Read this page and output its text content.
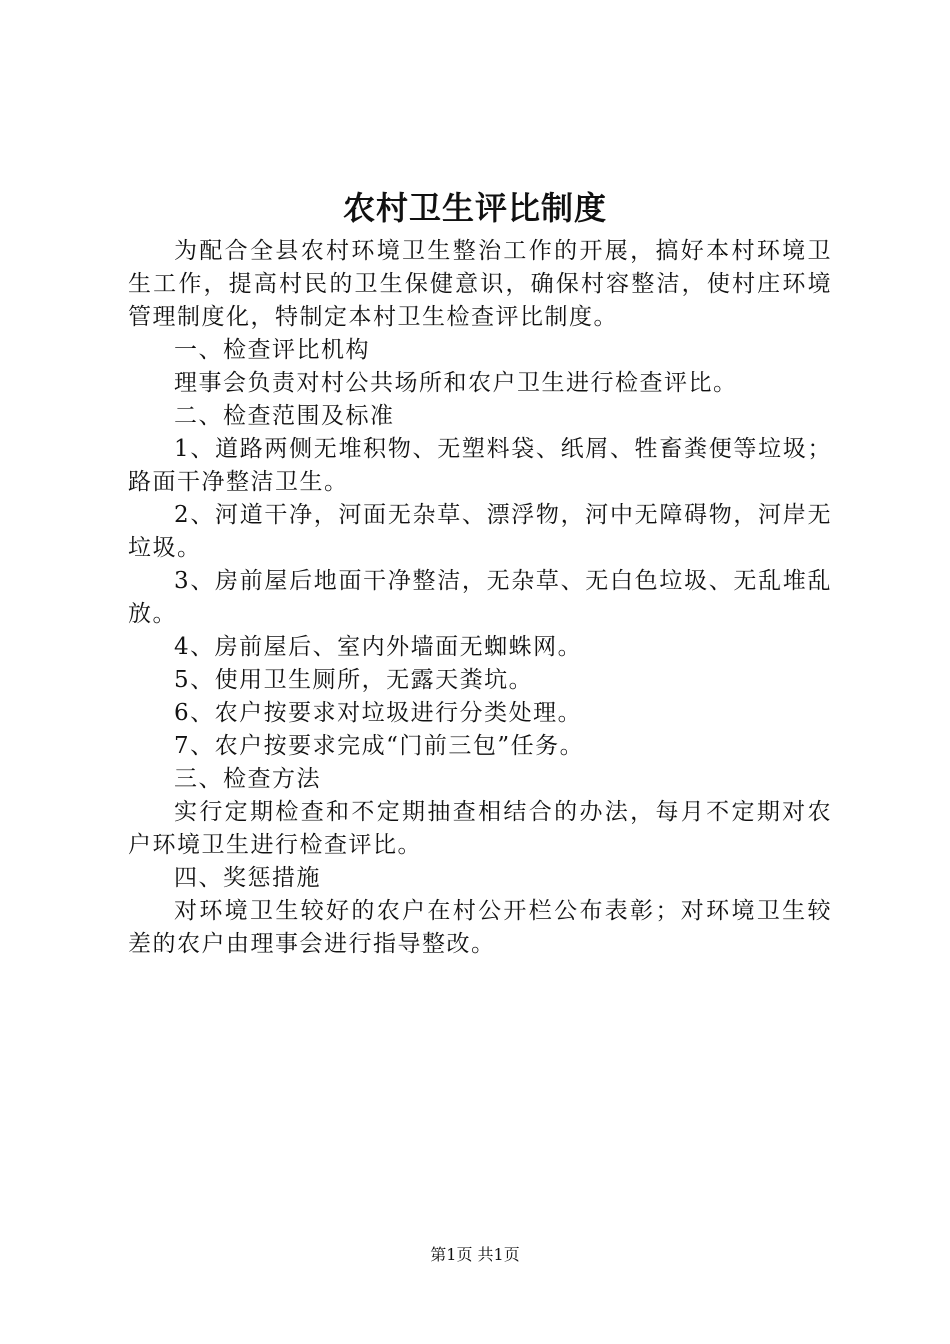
农村卫生评比制度

为配合全县农村环境卫生整治工作的开展，搞好本村环境卫生工作，提高村民的卫生保健意识，确保村容整洁，使村庄环境管理制度化，特制定本村卫生检查评比制度。

一、检查评比机构

理事会负责对村公共场所和农户卫生进行检查评比。

二、检查范围及标准

1、道路两侧无堆积物、无塑料袋、纸屑、牲畜粪便等垃圾；路面干净整洁卫生。

2、河道干净，河面无杂草、漂浮物，河中无障碍物，河岸无垃圾。

3、房前屋后地面干净整洁，无杂草、无白色垃圾、无乱堆乱放。

4、房前屋后、室内外墙面无蜘蛛网。

5、使用卫生厕所，无露天粪坑。

6、农户按要求对垃圾进行分类处理。

7、农户按要求完成“门前三包”任务。

三、检查方法

实行定期检查和不定期抽查相结合的办法，每月不定期对农户环境卫生进行检查评比。

四、奖惩措施

对环境卫生较好的农户在村公开栏公布表彰；对环境卫生较差的农户由理事会进行指导整改。

第1页 共1页
